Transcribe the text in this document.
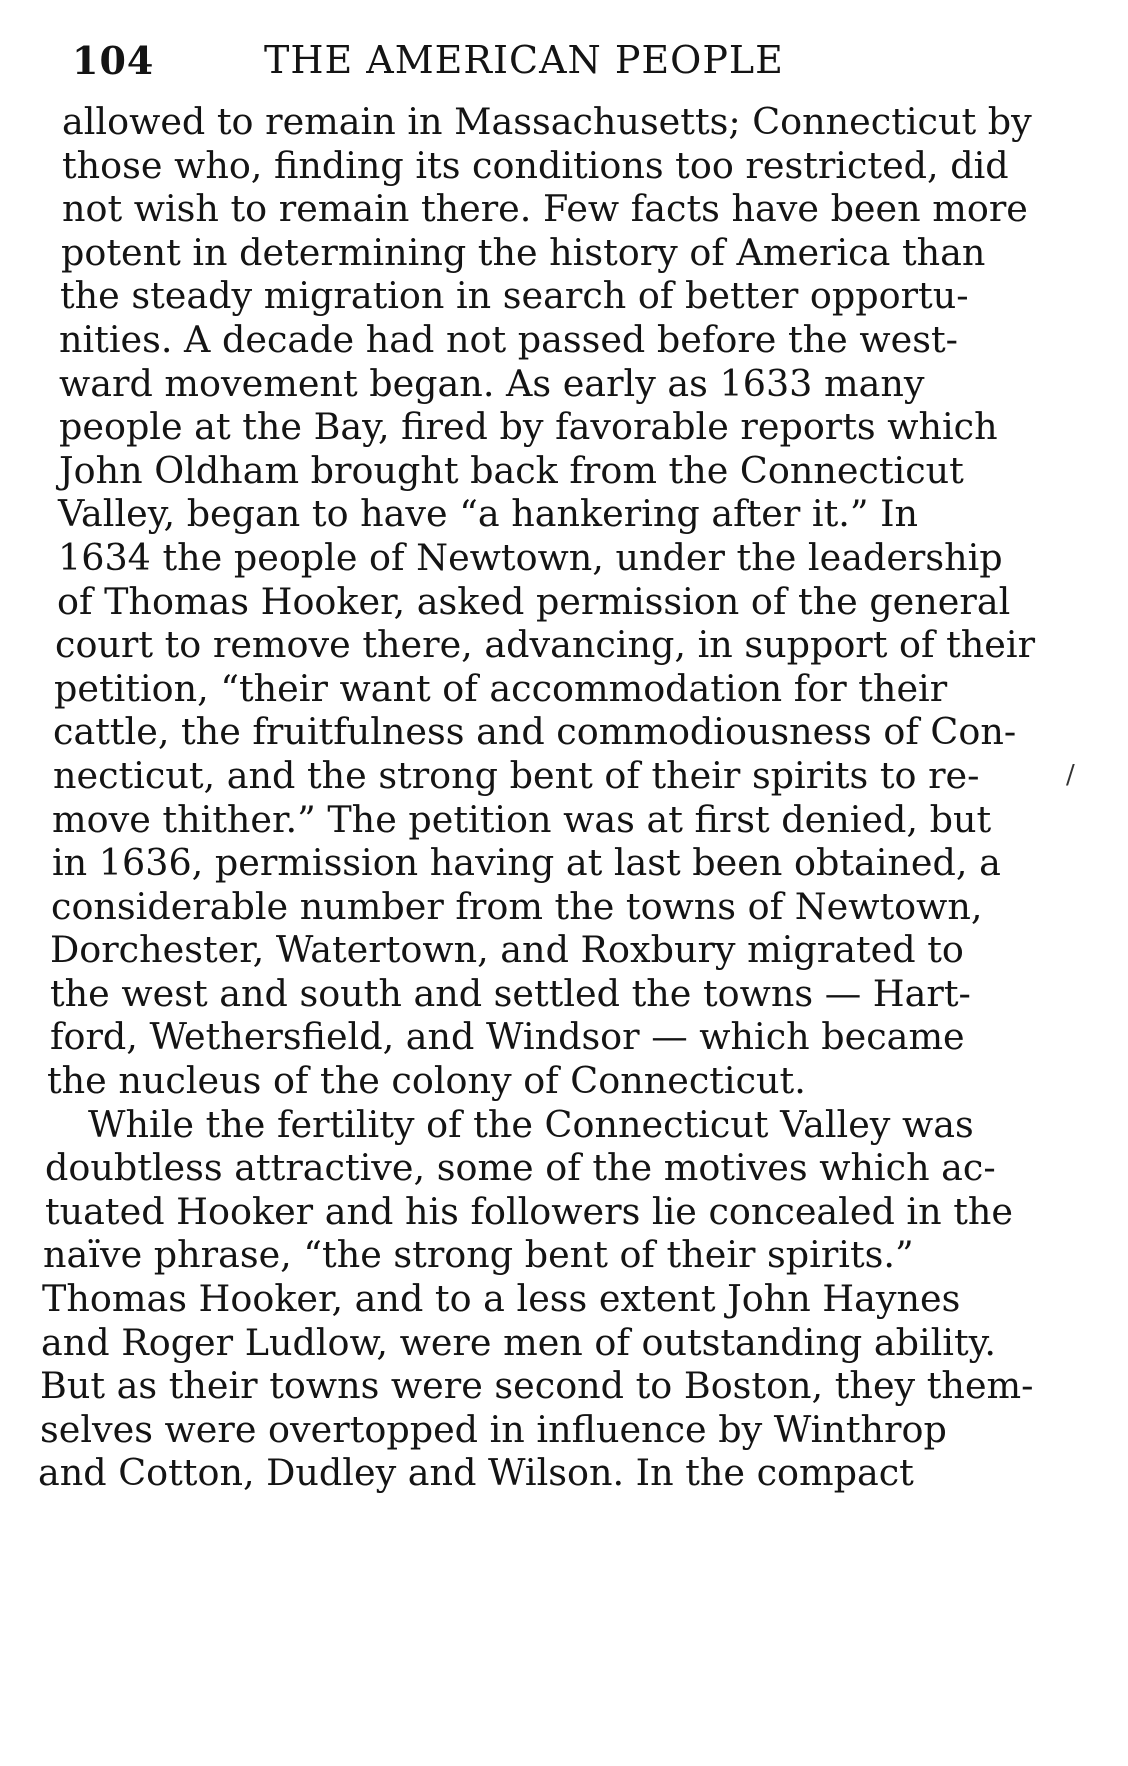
104	THE AMERICAN PEOPLE
allowed to remain in Massachusetts; Connecticut by
those who, finding its conditions too restricted, did
not wish to remain there. Few facts have been more
potent in determining the history of America than
the steady migration in search of better opportu-
nities. A decade had not passed before the west-
ward movement began. As early as 1633 many
people at the Bay, fired by favorable reports which
John Oldham brought back from the Connecticut
Valley, began to have “a hankering after it.” In
1634 the people of Newtown, under the leadership
of Thomas Hooker, asked permission of the general
court to remove there, advancing, in support of their
petition, “their want of accommodation for their
cattle, the fruitfulness and commodiousness of Con-
necticut, and the strong bent of their spirits to re-
move thither.” The petition was at first denied, but
in 1636, permission having at last been obtained, a
considerable number from the towns of Newtown,
Dorchester, Watertown, and Roxbury migrated to
the west and south and settled the towns — Hart-
ford, Wethersfield, and Windsor — which became
the nucleus of the colony of Connecticut.
While the fertility of the Connecticut Valley was
doubtless attractive, some of the motives which ac-
tuated Hooker and his followers lie concealed in the
naïve phrase, “the strong bent of their spirits.”
Thomas Hooker, and to a less extent John Haynes
and Roger Ludlow, were men of outstanding ability.
But as their towns were second to Boston, they them-
selves were overtopped in influence by Winthrop
and Cotton, Dudley and Wilson. In the compact
/
